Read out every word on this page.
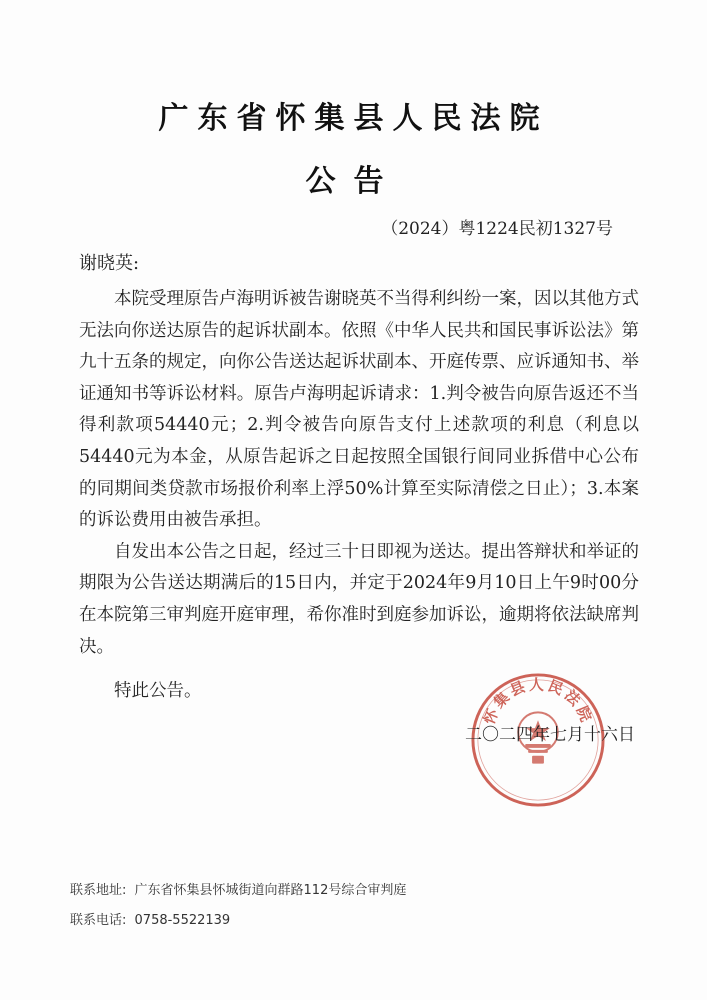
广东省怀集县人民法院
公告
（2024）粤1224民初1327号
谢晓英:

本院受理原告卢海明诉被告谢晓英不当得利纠纷一案，因以其他方式无法向你送达原告的起诉状副本。依照《中华人民共和国民事诉讼法》第九十五条的规定，向你公告送达起诉状副本、开庭传票、应诉通知书、举证通知书等诉讼材料。原告卢海明起诉请求：1.判令被告向原告返还不当得利款项54440元；2.判令被告向原告支付上述款项的利息（利息以54440元为本金，从原告起诉之日起按照全国银行间同业拆借中心公布的同期间类贷款市场报价利率上浮50%计算至实际清偿之日止）；3.本案的诉讼费用由被告承担。

自发出本公告之日起，经过三十日即视为送达。提出答辩状和举证的期限为公告送达期满后的15日内，并定于2024年9月10日上午9时00分在本院第三审判庭开庭审理，希你准时到庭参加诉讼，逾期将依法缺席判决。

特此公告。
怀集县人民法院
二〇二四年七月十六日
联系地址: 广东省怀集县怀城街道向群路112号综合审判庭
联系电话: 0758-5522139
